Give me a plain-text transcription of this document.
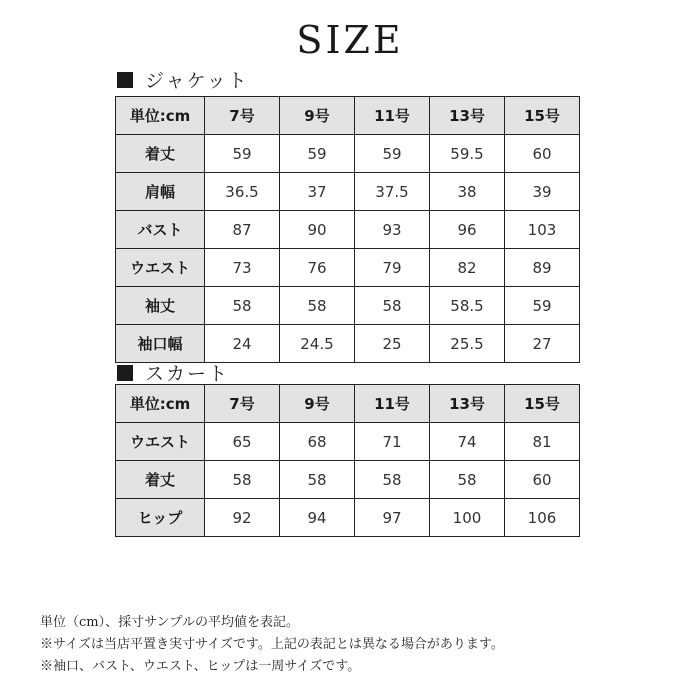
SIZE
ジャケット
単位:cm	7号	9号	11号	13号	15号
着丈	59	59	59	59.5	60
肩幅	36.5	37	37.5	38	39
バスト	87	90	93	96	103
ウエスト	73	76	79	82	89
袖丈	58	58	58	58.5	59
袖口幅	24	24.5	25	25.5	27
スカート
単位:cm	7号	9号	11号	13号	15号
ウエスト	65	68	71	74	81
着丈	58	58	58	58	60
ヒップ	92	94	97	100	106
単位（cm）、採寸サンプルの平均値を表記。
※サイズは当店平置き実寸サイズです。上記の表記とは異なる場合があります。
※袖口、バスト、ウエスト、ヒップは一周サイズです。
